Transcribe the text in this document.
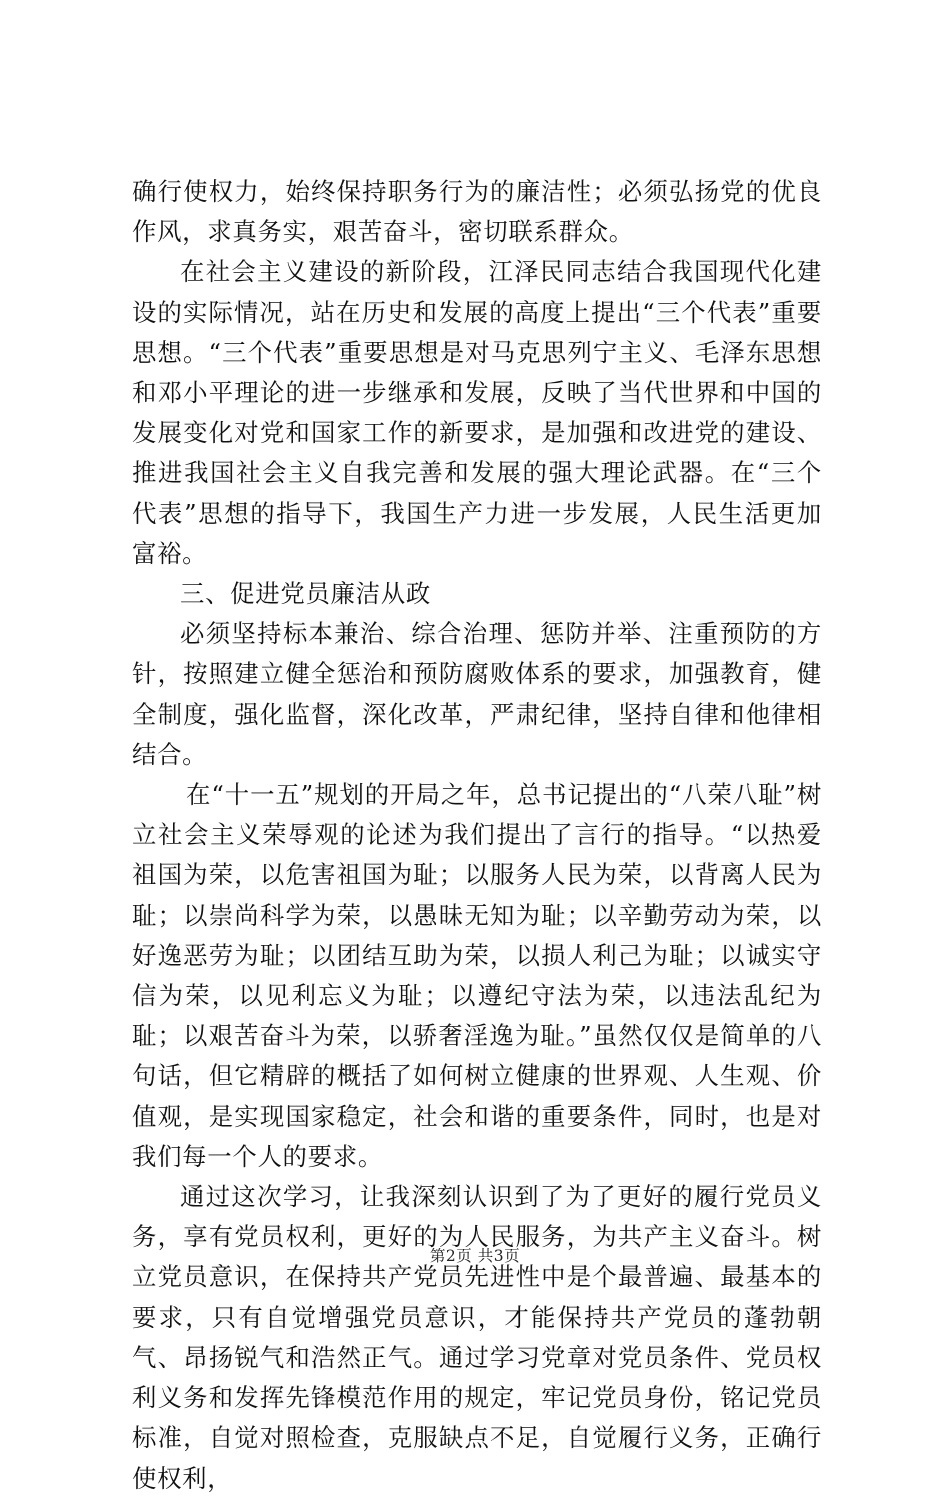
确行使权力，始终保持职务行为的廉洁性；必须弘扬党的优良作风，求真务实，艰苦奋斗，密切联系群众。

在社会主义建设的新阶段，江泽民同志结合我国现代化建设的实际情况，站在历史和发展的高度上提出“三个代表”重要思想。“三个代表”重要思想是对马克思列宁主义、毛泽东思想和邓小平理论的进一步继承和发展，反映了当代世界和中国的发展变化对党和国家工作的新要求，是加强和改进党的建设、推进我国社会主义自我完善和发展的强大理论武器。在“三个代表”思想的指导下，我国生产力进一步发展，人民生活更加富裕。

三、促进党员廉洁从政

必须坚持标本兼治、综合治理、惩防并举、注重预防的方针，按照建立健全惩治和预防腐败体系的要求，加强教育，健全制度，强化监督，深化改革，严肃纪律，坚持自律和他律相结合。

在“十一五”规划的开局之年，总书记提出的“八荣八耻”树立社会主义荣辱观的论述为我们提出了言行的指导。“以热爱祖国为荣，以危害祖国为耻；以服务人民为荣，以背离人民为耻；以崇尚科学为荣，以愚昧无知为耻；以辛勤劳动为荣，以好逸恶劳为耻；以团结互助为荣，以损人利己为耻；以诚实守信为荣，以见利忘义为耻；以遵纪守法为荣，以违法乱纪为耻；以艰苦奋斗为荣，以骄奢淫逸为耻。”虽然仅仅是简单的八句话，但它精辟的概括了如何树立健康的世界观、人生观、价值观，是实现国家稳定，社会和谐的重要条件，同时，也是对我们每一个人的要求。

通过这次学习，让我深刻认识到了为了更好的履行党员义务，享有党员权利，更好的为人民服务，为共产主义奋斗。树立党员意识，在保持共产党员先进性中是个最普遍、最基本的要求，只有自觉增强党员意识，才能保持共产党员的蓬勃朝气、昂扬锐气和浩然正气。通过学习党章对党员条件、党员权利义务和发挥先锋模范作用的规定，牢记党员身份，铭记党员标准，自觉对照检查，克服缺点不足，自觉履行义务，正确行使权利，

第2页 共3页
